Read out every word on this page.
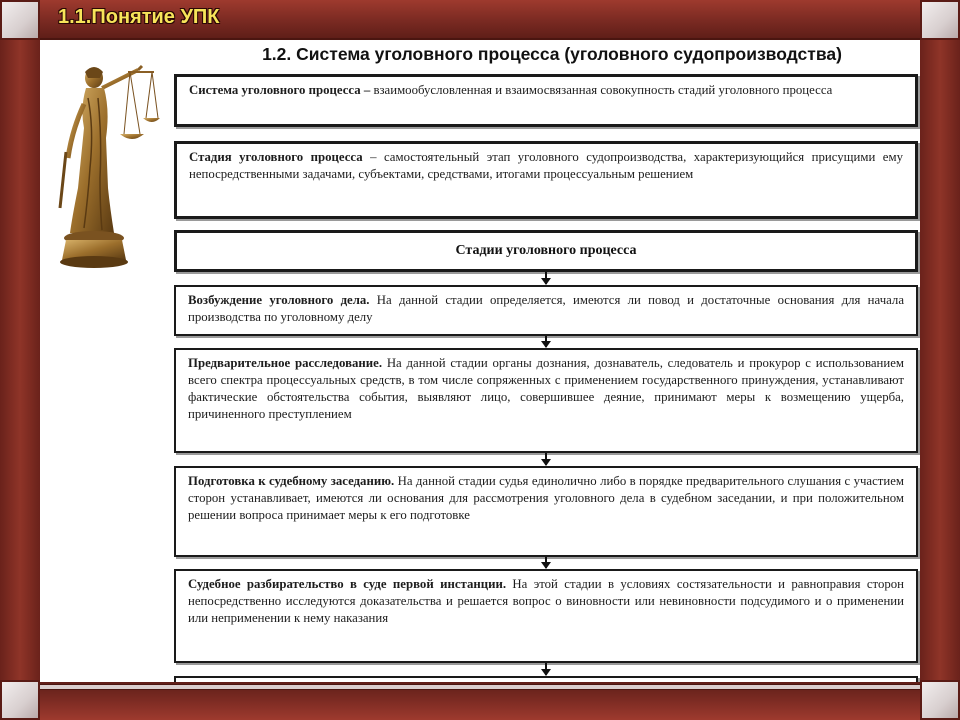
1.1.Понятие УПК
1.2. Система уголовного процесса (уголовного судопроизводства)
Система уголовного процесса – взаимообусловленная и взаимосвязанная совокупность стадий уголовного процесса
Стадия уголовного процесса – самостоятельный этап уголовного судопроизводства, характеризующийся присущими ему непосредственными задачами, субъектами, средствами, итогами процессуальным решением
Стадии уголовного процесса
Возбуждение уголовного дела. На данной стадии определяется, имеются ли повод и достаточные основания для начала производства по уголовному делу
Предварительное расследование. На данной стадии органы дознания, дознаватель, следователь и прокурор с использованием всего спектра процессуальных средств, в том числе сопряженных с применением государственного принуждения, устанавливают фактические обстоятельства события, выявляют лицо, совершившее деяние, принимают меры к возмещению ущерба, причиненного преступлением
Подготовка к судебному заседанию. На данной стадии судья единолично либо в порядке предварительного слушания с участием сторон устанавливает, имеются ли основания для рассмотрения уголовного дела в судебном заседании, и при положительном решении вопроса принимает меры к его подготовке
Судебное разбирательство в суде первой инстанции. На этой стадии в условиях состязательности и равноправия сторон непосредственно исследуются доказательства и решается вопрос о виновности или невиновности подсудимого и о применении или неприменении к нему наказания
